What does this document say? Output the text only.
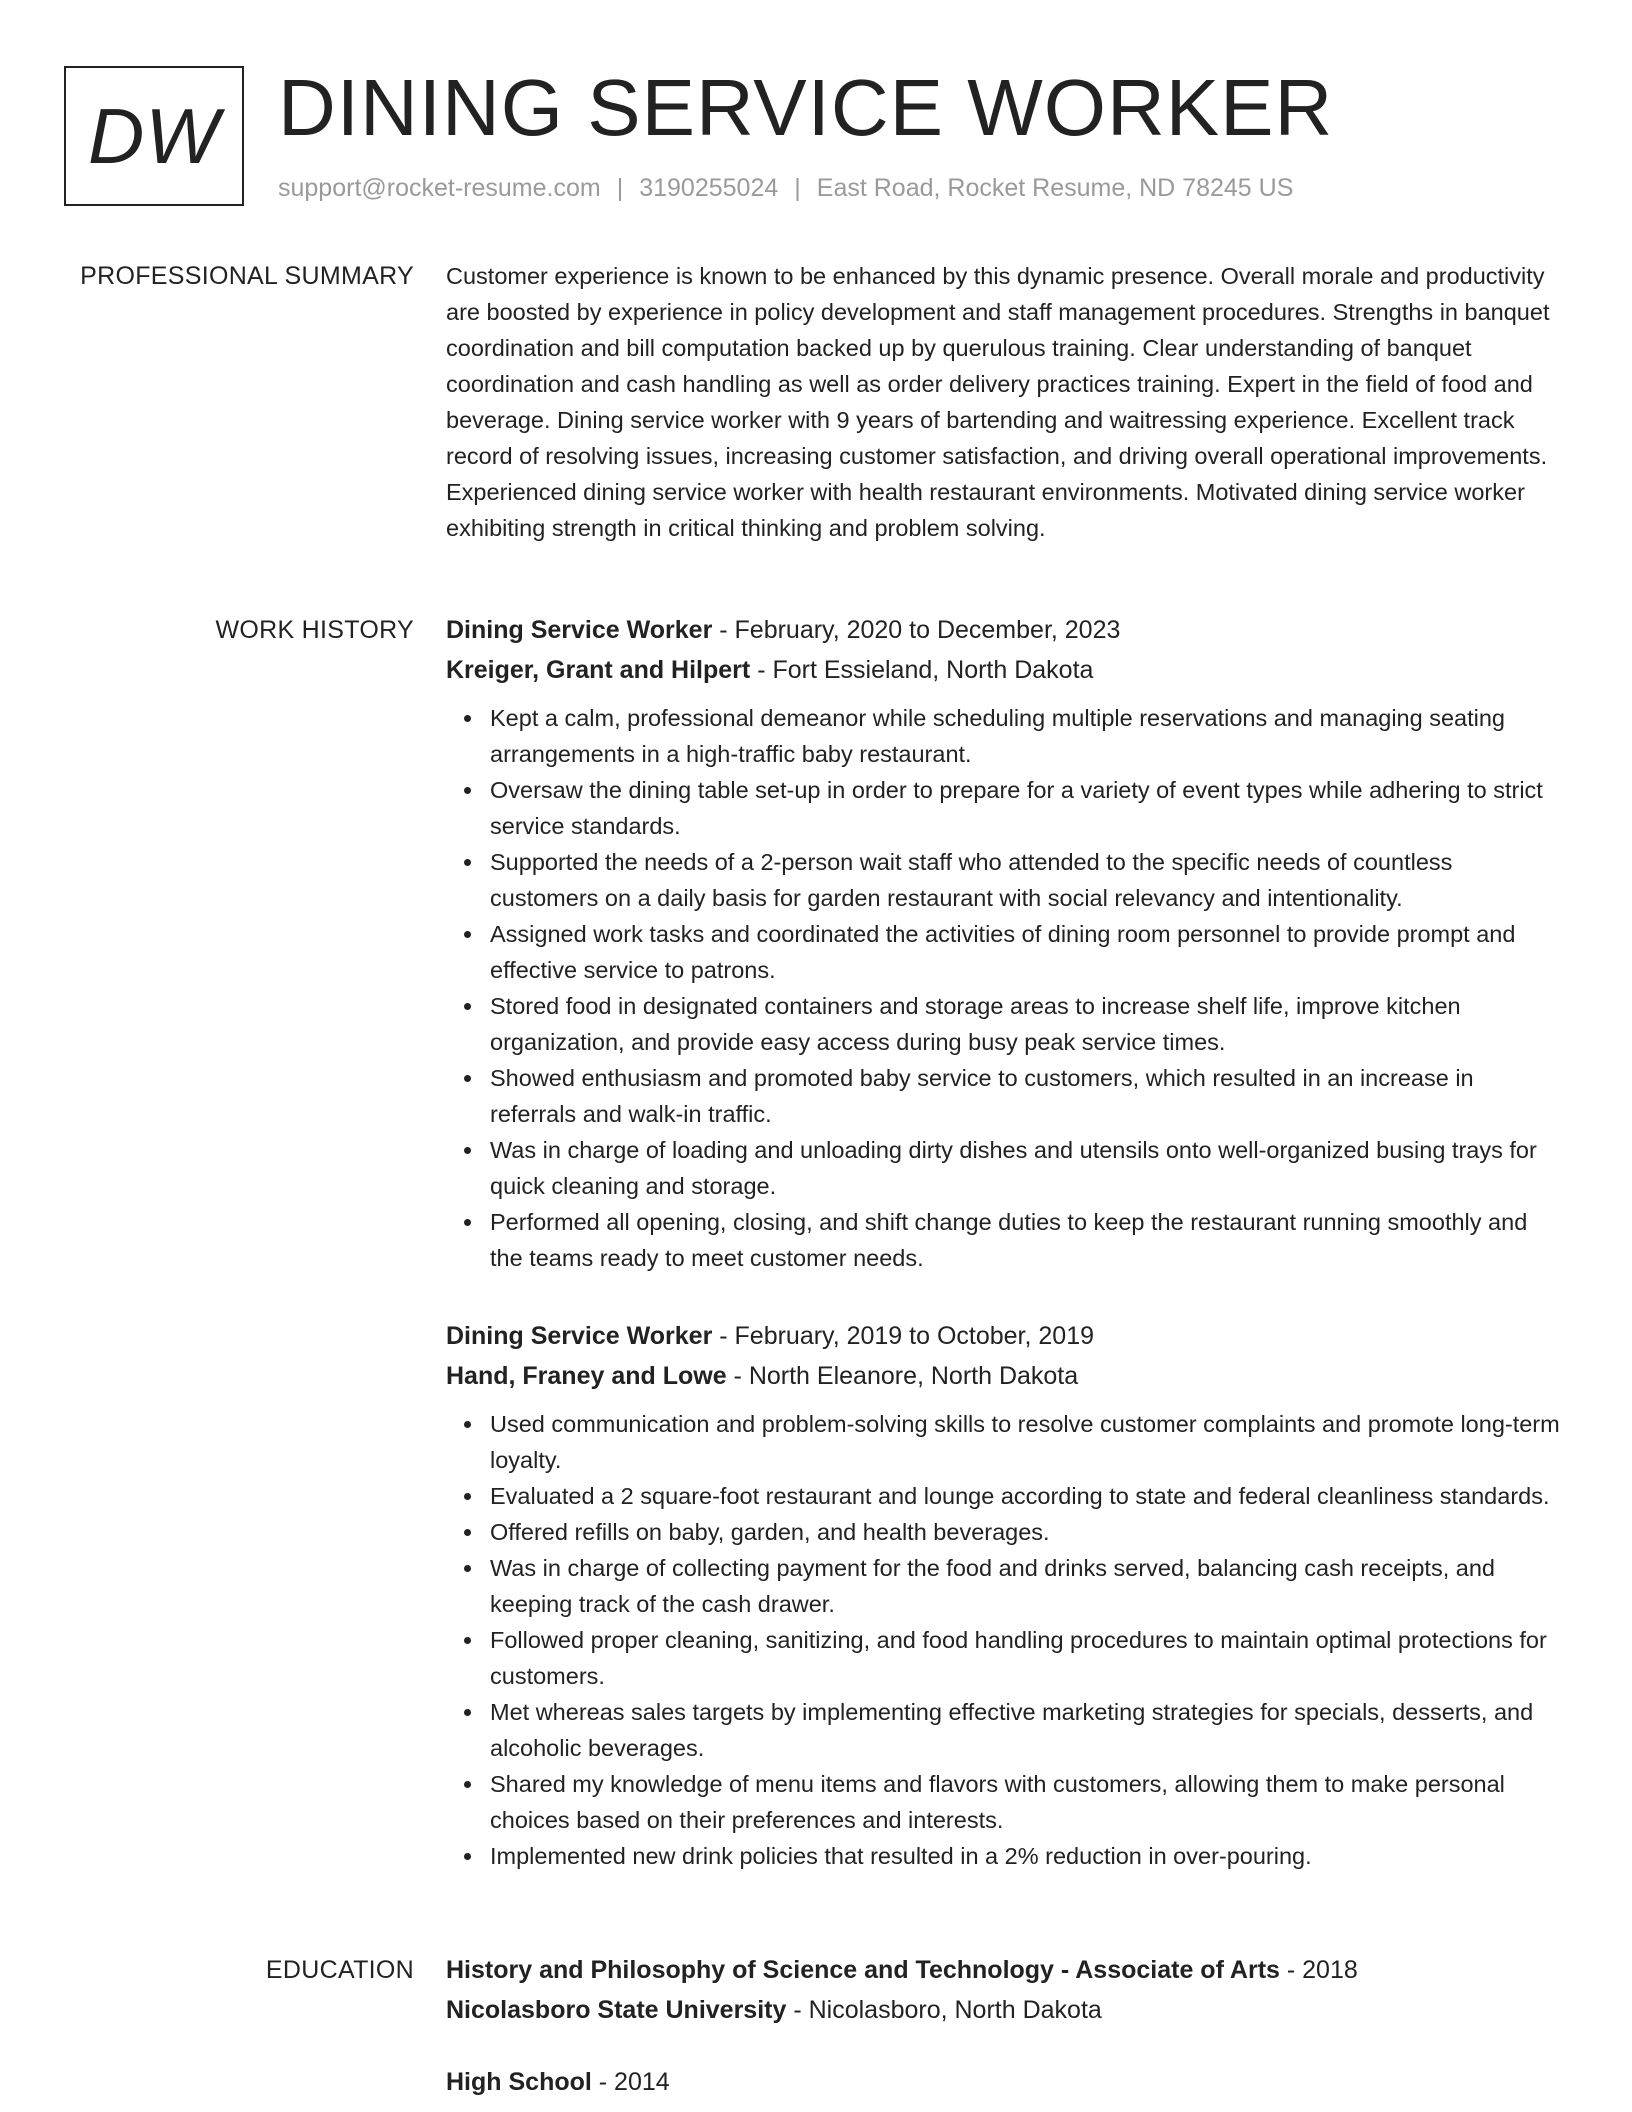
DW DINING SERVICE WORKER
support@rocket-resume.com | 3190255024 | East Road, Rocket Resume, ND 78245 US
PROFESSIONAL SUMMARY Customer experience is known to be enhanced by this dynamic presence. Overall morale and productivity are boosted by experience in policy development and staff management procedures. Strengths in banquet coordination and bill computation backed up by querulous training. Clear understanding of banquet coordination and cash handling as well as order delivery practices training. Expert in the field of food and beverage. Dining service worker with 9 years of bartending and waitressing experience. Excellent track record of resolving issues, increasing customer satisfaction, and driving overall operational improvements. Experienced dining service worker with health restaurant environments. Motivated dining service worker exhibiting strength in critical thinking and problem solving.

WORK HISTORY Dining Service Worker - February, 2020 to December, 2023
Kreiger, Grant and Hilpert - Fort Essieland, North Dakota
Kept a calm, professional demeanor while scheduling multiple reservations and managing seating arrangements in a high-traffic baby restaurant.
Oversaw the dining table set-up in order to prepare for a variety of event types while adhering to strict service standards.
Supported the needs of a 2-person wait staff who attended to the specific needs of countless customers on a daily basis for garden restaurant with social relevancy and intentionality.
Assigned work tasks and coordinated the activities of dining room personnel to provide prompt and effective service to patrons.
Stored food in designated containers and storage areas to increase shelf life, improve kitchen organization, and provide easy access during busy peak service times.
Showed enthusiasm and promoted baby service to customers, which resulted in an increase in referrals and walk-in traffic.
Was in charge of loading and unloading dirty dishes and utensils onto well-organized busing trays for quick cleaning and storage.
Performed all opening, closing, and shift change duties to keep the restaurant running smoothly and the teams ready to meet customer needs.
Dining Service Worker - February, 2019 to October, 2019
Hand, Franey and Lowe - North Eleanore, North Dakota
Used communication and problem-solving skills to resolve customer complaints and promote long-term loyalty.
Evaluated a 2 square-foot restaurant and lounge according to state and federal cleanliness standards.
Offered refills on baby, garden, and health beverages.
Was in charge of collecting payment for the food and drinks served, balancing cash receipts, and keeping track of the cash drawer.
Followed proper cleaning, sanitizing, and food handling procedures to maintain optimal protections for customers.
Met whereas sales targets by implementing effective marketing strategies for specials, desserts, and alcoholic beverages.
Shared my knowledge of menu items and flavors with customers, allowing them to make personal choices based on their preferences and interests.
Implemented new drink policies that resulted in a 2% reduction in over-pouring.
EDUCATION History and Philosophy of Science and Technology - Associate of Arts - 2018
Nicolasboro State University - Nicolasboro, North Dakota
High School - 2014
